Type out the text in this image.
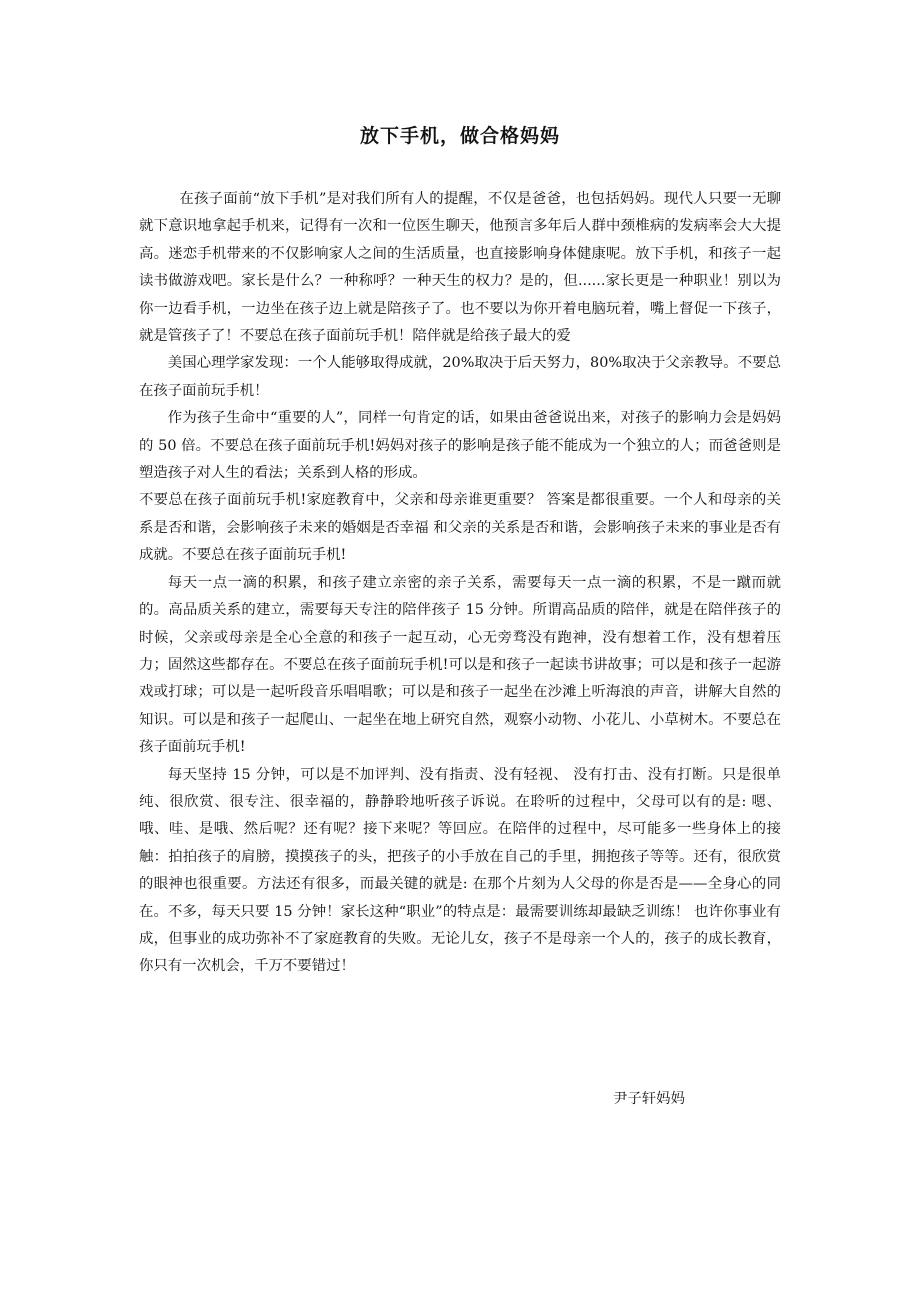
放下手机，做合格妈妈

在孩子面前“放下手机”是对我们所有人的提醒，不仅是爸爸，也包括妈妈。现代人只要一无聊就下意识地拿起手机来，记得有一次和一位医生聊天，他预言多年后人群中颈椎病的发病率会大大提高。迷恋手机带来的不仅影响家人之间的生活质量，也直接影响身体健康呢。放下手机，和孩子一起读书做游戏吧。家长是什么？一种称呼？一种天生的权力？是的，但......家长更是一种职业！别以为你一边看手机，一边坐在孩子边上就是陪孩子了。也不要以为你开着电脑玩着，嘴上督促一下孩子，就是管孩子了！不要总在孩子面前玩手机！陪伴就是给孩子最大的爱

美国心理学家发现：一个人能够取得成就，20%取决于后天努力，80%取决于父亲教导。不要总在孩子面前玩手机！

作为孩子生命中“重要的人”，同样一句肯定的话，如果由爸爸说出来，对孩子的影响力会是妈妈的 50 倍。不要总在孩子面前玩手机!妈妈对孩子的影响是孩子能不能成为一个独立的人；而爸爸则是塑造孩子对人生的看法；关系到人格的形成。

不要总在孩子面前玩手机!家庭教育中，父亲和母亲谁更重要？ 答案是都很重要。一个人和母亲的关系是否和谐，会影响孩子未来的婚姻是否幸福 和父亲的关系是否和谐，会影响孩子未来的事业是否有成就。不要总在孩子面前玩手机!

每天一点一滴的积累，和孩子建立亲密的亲子关系，需要每天一点一滴的积累，不是一蹴而就的。高品质关系的建立，需要每天专注的陪伴孩子 15 分钟。所谓高品质的陪伴，就是在陪伴孩子的时候，父亲或母亲是全心全意的和孩子一起互动，心无旁骛没有跑神，没有想着工作，没有想着压力；固然这些都存在。不要总在孩子面前玩手机!可以是和孩子一起读书讲故事；可以是和孩子一起游戏或打球；可以是一起听段音乐唱唱歌；可以是和孩子一起坐在沙滩上听海浪的声音，讲解大自然的知识。可以是和孩子一起爬山、一起坐在地上研究自然，观察小动物、小花儿、小草树木。不要总在孩子面前玩手机!

每天坚持 15 分钟，可以是不加评判、没有指责、没有轻视、 没有打击、没有打断。只是很单纯、很欣赏、很专注、很幸福的，静静聆地听孩子诉说。在聆听的过程中，父母可以有的是: 嗯、哦、哇、是哦、然后呢？还有呢？接下来呢？等回应。在陪伴的过程中，尽可能多一些身体上的接触：拍拍孩子的肩膀，摸摸孩子的头，把孩子的小手放在自己的手里，拥抱孩子等等。还有，很欣赏的眼神也很重要。方法还有很多，而最关键的就是: 在那个片刻为人父母的你是否是——全身心的同在。不多，每天只要 15 分钟！家长这种“职业”的特点是：最需要训练却最缺乏训练！ 也许你事业有成，但事业的成功弥补不了家庭教育的失败。无论儿女，孩子不是母亲一个人的，孩子的成长教育，你只有一次机会，千万不要错过！

尹子轩妈妈
